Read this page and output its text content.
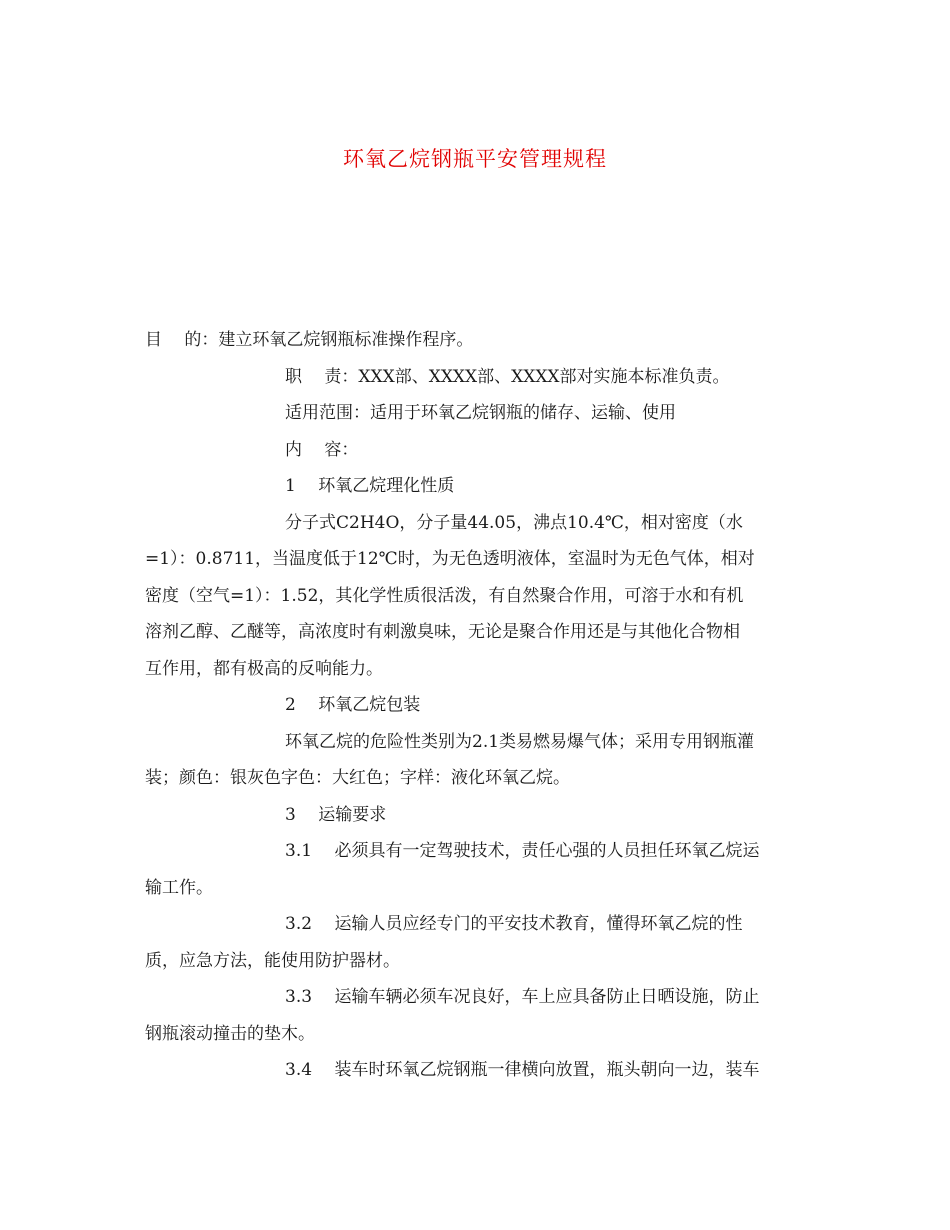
环氧乙烷钢瓶平安管理规程

目　 的：建立环氧乙烷钢瓶标准操作程序。

职　 责：XXX部、XXXX部、XXXX部对实施本标准负责。

适用范围：适用于环氧乙烷钢瓶的储存、运输、使用

内　 容：

1　 环氧乙烷理化性质

分子式C2H4O，分子量44.05，沸点10.4℃，相对密度（水

=1）：0.8711，当温度低于12℃时，为无色透明液体，室温时为无色气体，相对

密度（空气=1）：1.52，其化学性质很活泼，有自然聚合作用，可溶于水和有机

溶剂乙醇、乙醚等，高浓度时有刺激臭味，无论是聚合作用还是与其他化合物相

互作用，都有极高的反响能力。

2　 环氧乙烷包装

环氧乙烷的危险性类别为2.1类易燃易爆气体；采用专用钢瓶灌

装；颜色：银灰色字色：大红色；字样：液化环氧乙烷。

3　 运输要求

3.1　 必须具有一定驾驶技术，责任心强的人员担任环氧乙烷运

输工作。

3.2　 运输人员应经专门的平安技术教育，懂得环氧乙烷的性

质，应急方法，能使用防护器材。

3.3　 运输车辆必须车况良好，车上应具备防止日晒设施，防止

钢瓶滚动撞击的垫木。

3.4　 装车时环氧乙烷钢瓶一律横向放置，瓶头朝向一边，装车
